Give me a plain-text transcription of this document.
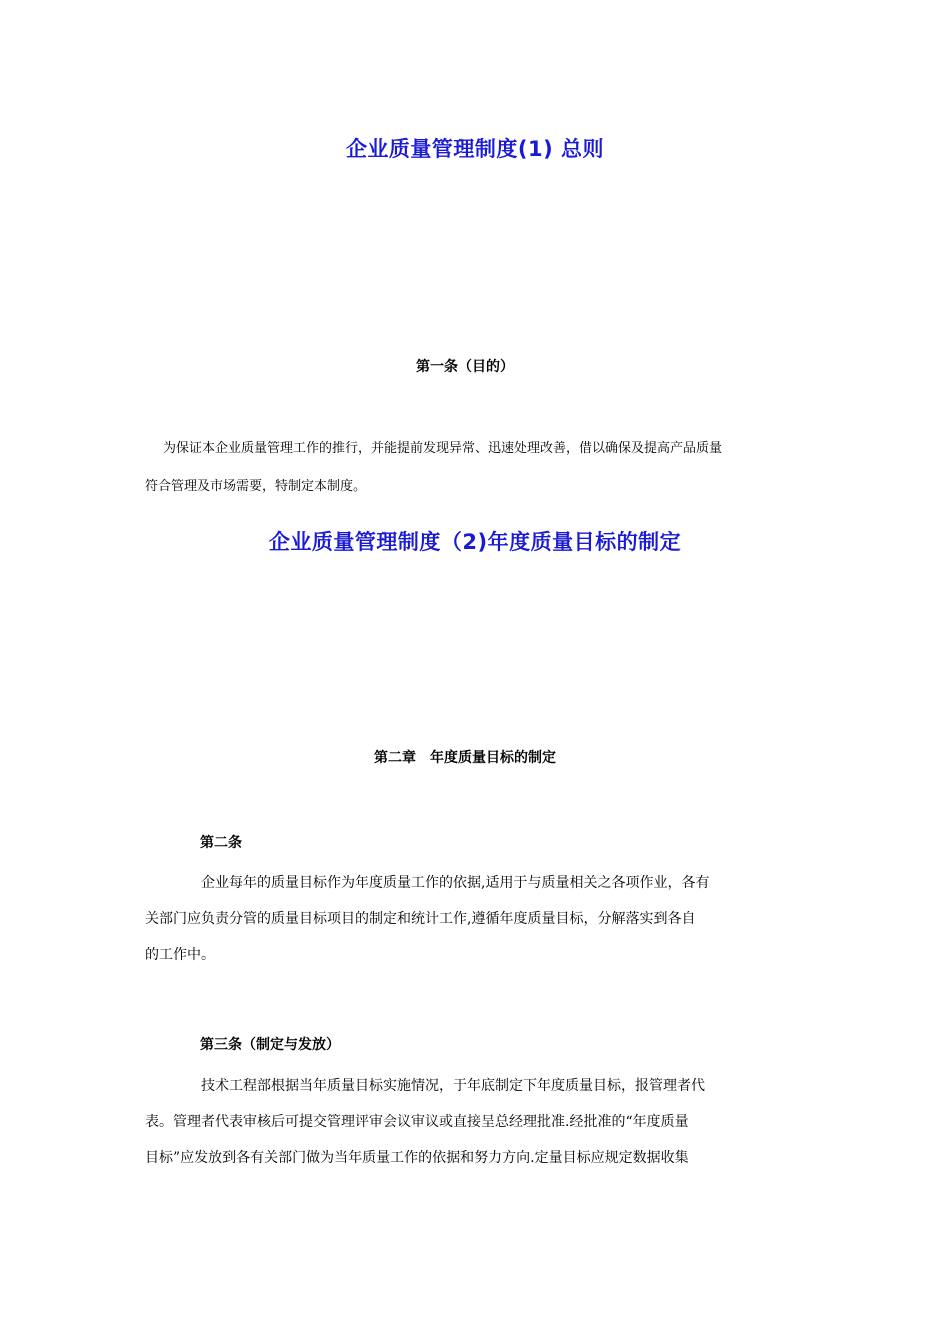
企业质量管理制度(1) 总则
第一条（目的）
为保证本企业质量管理工作的推行，并能提前发现异常、迅速处理改善，借以确保及提高产品质量
符合管理及市场需要，特制定本制度。
企业质量管理制度（2)年度质量目标的制定
第二章　年度质量目标的制定
第二条
企业每年的质量目标作为年度质量工作的依据,适用于与质量相关之各项作业，各有
关部门应负责分管的质量目标项目的制定和统计工作,遵循年度质量目标，分解落实到各自
的工作中。
第三条（制定与发放）
技术工程部根据当年质量目标实施情况，于年底制定下年度质量目标，报管理者代
表。管理者代表审核后可提交管理评审会议审议或直接呈总经理批准.经批准的“年度质量
目标”应发放到各有关部门做为当年质量工作的依据和努力方向.定量目标应规定数据收集
